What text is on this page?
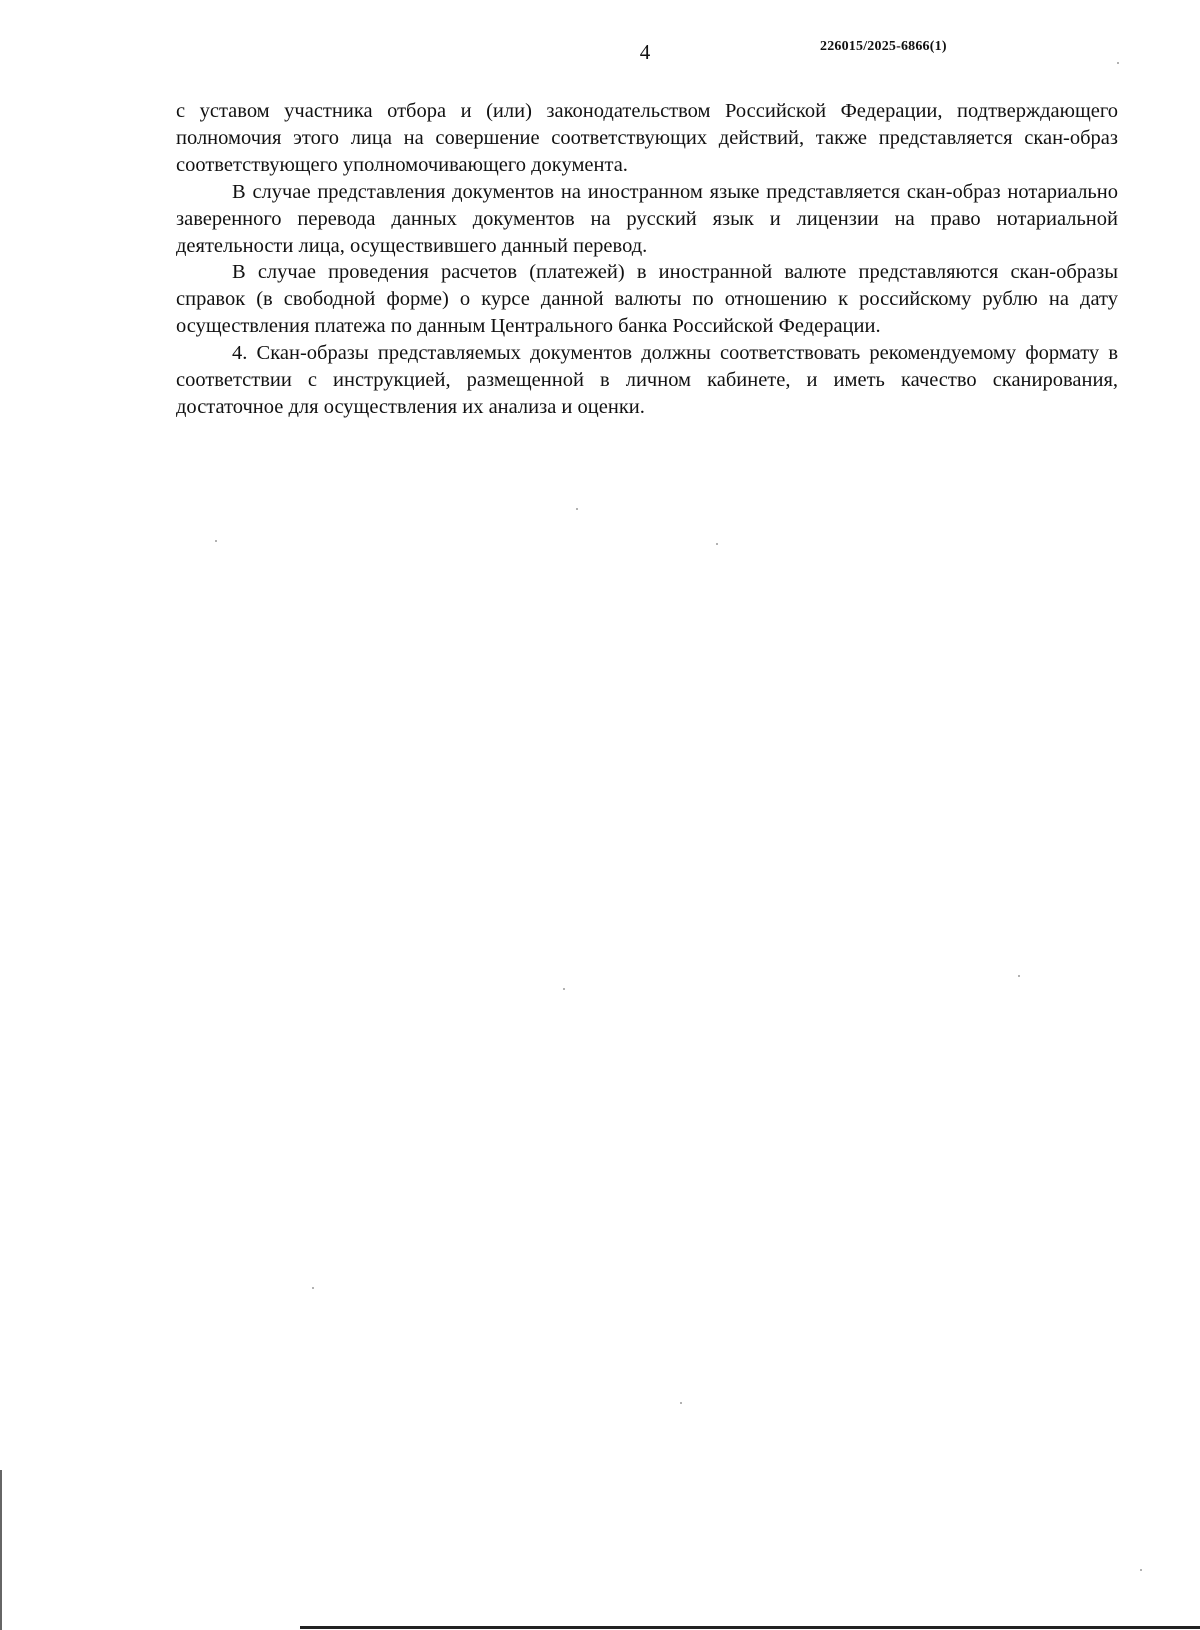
4	226015/2025-6866(1)

с уставом участника отбора и (или) законодательством Российской Федерации, подтверждающего полномочия этого лица на совершение соответствующих действий, также представляется скан-образ соответствующего уполномочивающего документа.

В случае представления документов на иностранном языке представляется скан-образ нотариально заверенного перевода данных документов на русский язык и лицензии на право нотариальной деятельности лица, осуществившего данный перевод.

В случае проведения расчетов (платежей) в иностранной валюте представляются скан-образы справок (в свободной форме) о курсе данной валюты по отношению к российскому рублю на дату осуществления платежа по данным Центрального банка Российской Федерации.

4. Скан-образы представляемых документов должны соответствовать рекомендуемому формату в соответствии с инструкцией, размещенной в личном кабинете, и иметь качество сканирования, достаточное для осуществления их анализа и оценки.
